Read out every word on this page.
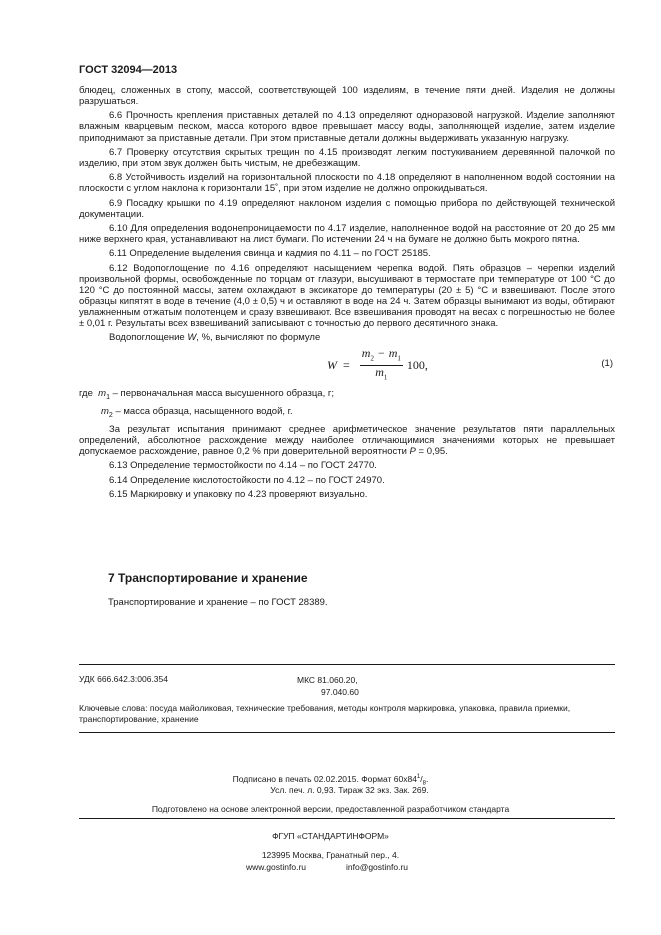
ГОСТ 32094—2013

блюдец, сложенных в стопу, массой, соответствующей 100 изделиям, в течение пяти дней. Изделия не должны разрушаться.

6.6 Прочность крепления приставных деталей по 4.13 определяют одноразовой нагрузкой. Изделие заполняют влажным кварцевым песком, масса которого вдвое превышает массу воды, заполняющей изделие, затем изделие приподнимают за приставные детали. При этом приставные детали должны выдерживать указанную нагрузку.

6.7 Проверку отсутствия скрытых трещин по 4.15 производят легким постукиванием деревянной палочкой по изделию, при этом звук должен быть чистым, не дребезжащим.

6.8 Устойчивость изделий на горизонтальной плоскости по 4.18 определяют в наполненном водой состоянии на плоскости с углом наклона к горизонтали 15˚, при этом изделие не должно опрокидываться.

6.9 Посадку крышки по 4.19 определяют наклоном изделия с помощью прибора по действующей технической документации.

6.10 Для определения водонепроницаемости по 4.17 изделие, наполненное водой на расстояние от 20 до 25 мм ниже верхнего края, устанавливают на лист бумаги. По истечении 24 ч на бумаге не должно быть мокрого пятна.

6.11 Определение выделения свинца и кадмия по 4.11 – по ГОСТ 25185.

6.12 Водопоглощение по 4.16 определяют насыщением черепка водой. Пять образцов – черепки изделий произвольной формы, освобожденные по торцам от глазури, высушивают в термостате при температуре от 100 °С до 120 °С до постоянной массы, затем охлаждают в эксикаторе до температуры (20 ± 5) °С и взвешивают. После этого образцы кипятят в воде в течение (4,0 ± 0,5) ч и оставляют в воде на 24 ч. Затем образцы вынимают из воды, обтирают увлажненным отжатым полотенцем и сразу взвешивают. Все взвешивания проводят на весах с погрешностью не более ± 0,01 г. Результаты всех взвешиваний записывают с точностью до первого десятичного знака.

Водопоглощение W, %, вычисляют по формуле

$W = \frac{m_2 - m_1}{m_1} 100$,	(1)

где $m_1$ – первоначальная масса высушенного образца, г;

$m_2$ – масса образца, насыщенного водой, г.

За результат испытания принимают среднее арифметическое значение результатов пяти параллельных определений, абсолютное расхождение между наиболее отличающимися значениями которых не превышает допускаемое расхождение, равное 0,2 % при доверительной вероятности P = 0,95.

6.13 Определение термостойкости по 4.14 – по ГОСТ 24770.

6.14 Определение кислотостойкости по 4.12 – по ГОСТ 24970.

6.15 Маркировку и упаковку по 4.23 проверяют визуально.

7 Транспортирование и хранение
Транспортирование и хранение – по ГОСТ 28389.
УДК 666.642.3:006.354	МКС 81.060.20,
97.040.60
Ключевые слова: посуда майоликовая, технические требования, методы контроля маркировка, упаковка, правила приемки, транспортирование, хранение
Подписано в печать 02.02.2015. Формат $60x84^1/_8$.
Усл. печ. л. 0,93. Тираж 32 экз. Зак. 269.
Подготовлено на основе электронной версии, предоставленной разработчиком стандарта
ФГУП «СТАНДАРТИНФОРМ»
123995 Москва, Гранатный пер., 4.
www.gostinfo.ru	info@gostinfo.ru
